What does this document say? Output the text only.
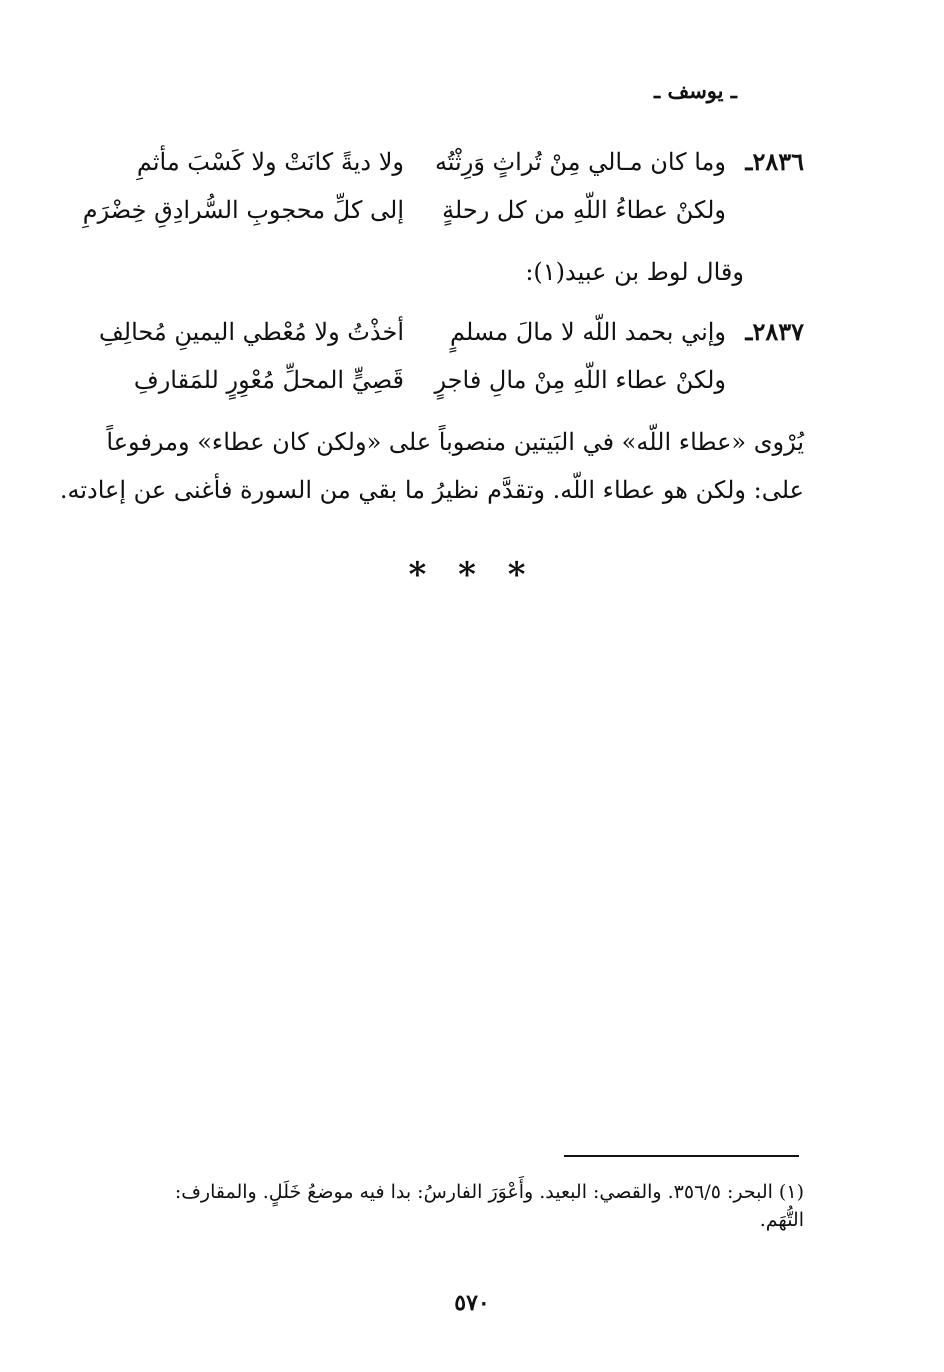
ـ يوسف ـ
٢٨٣٦ـ
وما كان مـالي مِنْ تُراثٍ وَرِثْتُه
ولا ديةً كانَتْ ولا كَسْبَ مأثمِ
ولكنْ عطاءُ اللّهِ من كل رحلةٍ
إلى كلِّ محجوبِ السُّرادِقِ خِضْرَمِ
وقال لوط بن عبيد(١):
٢٨٣٧ـ
وإني بحمد اللّه لا مالَ مسلمٍ
أخذْتُ ولا مُعْطي اليمينِ مُحالِفِ
ولكنْ عطاء اللّهِ مِنْ مالِ فاجرٍ
قَصِيٍّ المحلِّ مُعْوِرٍ للمَقارفِ
يُرْوى «عطاء اللّه» في البَيتين منصوباً على «ولكن كان عطاء» ومرفوعاً
على: ولكن هو عطاء اللّه. وتقدَّم نظيرُ ما بقي من السورة فأغنى عن إعادته.
* * *
(١) البحر: ٣٥٦/٥. والقصي: البعيد. وأَعْوَرَ الفارسُ: بدا فيه موضعُ خَلَلٍ. والمقارف:
التُّهَم.
٥٧٠
